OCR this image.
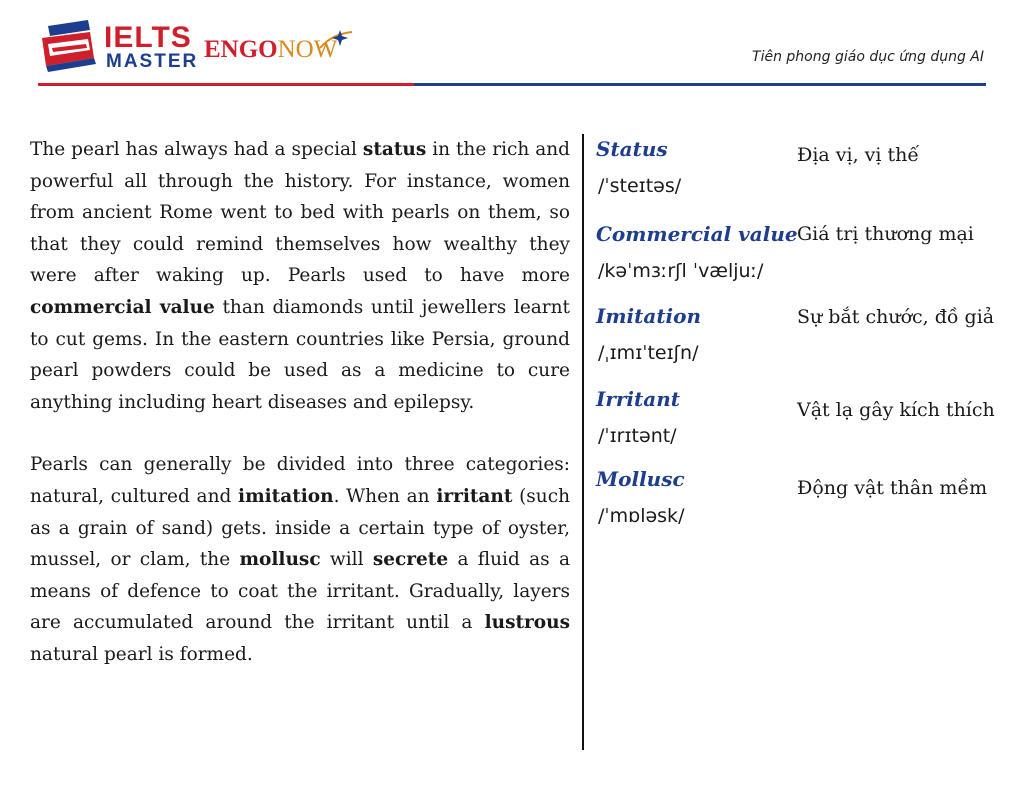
IELTS
MASTER ENGONOW	Tiên phong giáo dục ứng dụng AI

The pearl has always had a special status in the rich and powerful all through the history. For instance, women from ancient Rome went to bed with pearls on them, so that they could remind themselves how wealthy they were after waking up. Pearls used to have more commercial value than diamonds until jewellers learnt to cut gems. In the eastern countries like Persia, ground pearl powders could be used as a medicine to cure anything including heart diseases and epilepsy.

Pearls can generally be divided into three categories: natural, cultured and imitation. When an irritant (such as a grain of sand) gets. inside a certain type of oyster, mussel, or clam, the mollusc will secrete a fluid as a means of defence to coat the irritant. Gradually, layers are accumulated around the irritant until a lustrous natural pearl is formed.

Status
/ˈsteɪtəs/
Địa vị, vị thế
Commercial value
/kəˈmɜːrʃl ˈvæljuː/
Giá trị thương mại
Imitation
/ˌɪmɪˈteɪʃn/
Sự bắt chước, đồ giả
Irritant
/ˈɪrɪtənt/
Vật lạ gây kích thích
Mollusc
/ˈmɒləsk/
Động vật thân mềm
